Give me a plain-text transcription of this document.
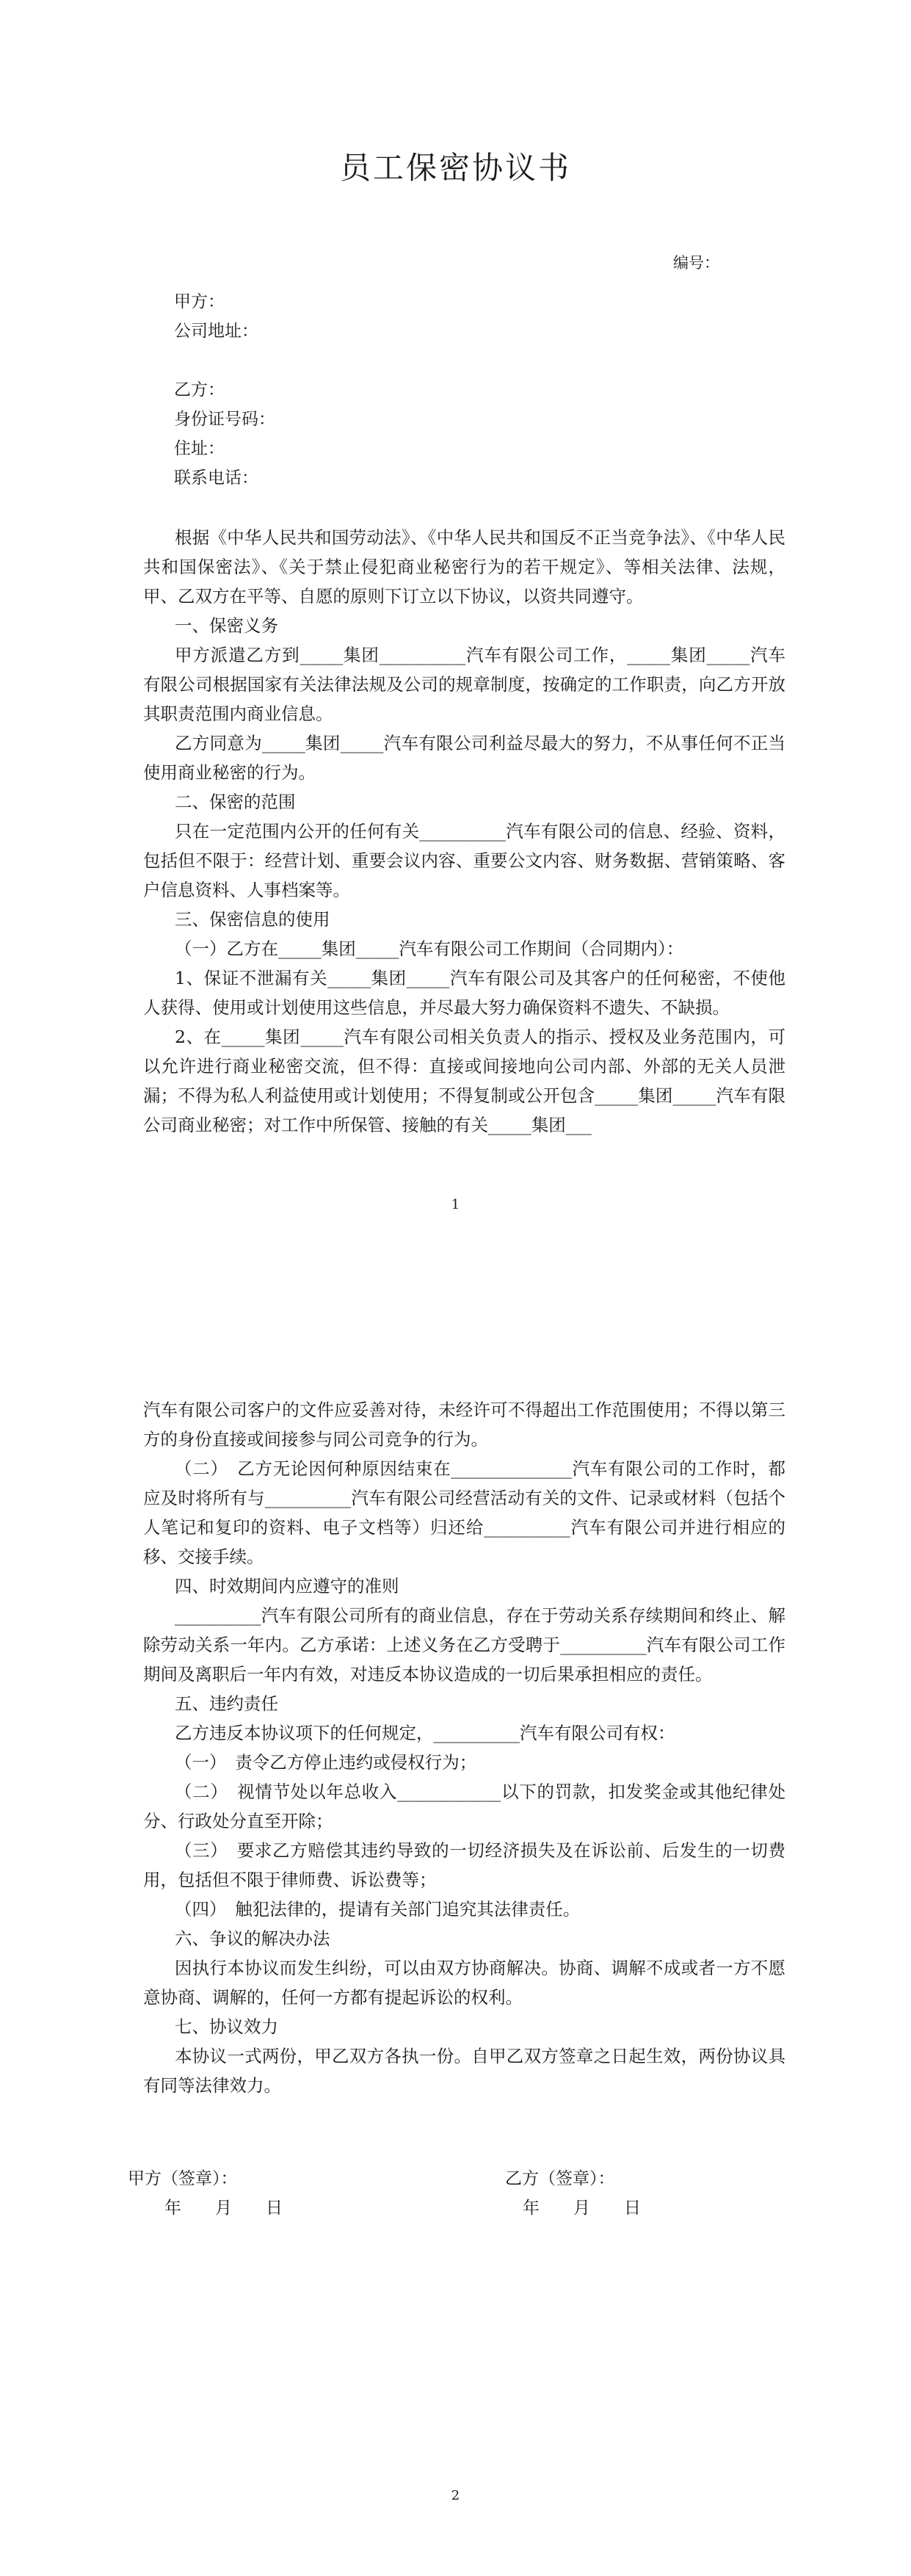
员工保密协议书
编号：
甲方：
公司地址：
乙方：
身份证号码：
住址：
联系电话：

根据《中华人民共和国劳动法》、《中华人民共和国反不正当竞争法》、《中华人民共和国保密法》、《关于禁止侵犯商业秘密行为的若干规定》、等相关法律、法规，甲、乙双方在平等、自愿的原则下订立以下协议，以资共同遵守。

一、保密义务

甲方派遣乙方到_____集团__________汽车有限公司工作，_____集团_____汽车有限公司根据国家有关法律法规及公司的规章制度，按确定的工作职责，向乙方开放其职责范围内商业信息。

乙方同意为_____集团_____汽车有限公司利益尽最大的努力，不从事任何不正当使用商业秘密的行为。

二、保密的范围

只在一定范围内公开的任何有关__________汽车有限公司的信息、经验、资料，包括但不限于：经营计划、重要会议内容、重要公文内容、财务数据、营销策略、客户信息资料、人事档案等。

三、保密信息的使用

（一）乙方在_____集团_____汽车有限公司工作期间（合同期内）：

1、保证不泄漏有关_____集团_____汽车有限公司及其客户的任何秘密，不使他人获得、使用或计划使用这些信息，并尽最大努力确保资料不遗失、不缺损。

2、在_____集团_____汽车有限公司相关负责人的指示、授权及业务范围内，可以允许进行商业秘密交流，但不得：直接或间接地向公司内部、外部的无关人员泄漏；不得为私人利益使用或计划使用；不得复制或公开包含_____集团_____汽车有限公司商业秘密；对工作中所保管、接触的有关_____集团___

1

汽车有限公司客户的文件应妥善对待，未经许可不得超出工作范围使用；不得以第三方的身份直接或间接参与同公司竞争的行为。

（二）　乙方无论因何种原因结束在______________汽车有限公司的工作时，都应及时将所有与__________汽车有限公司经营活动有关的文件、记录或材料（包括个人笔记和复印的资料、电子文档等）归还给__________汽车有限公司并进行相应的移、交接手续。

四、时效期间内应遵守的准则

__________汽车有限公司所有的商业信息，存在于劳动关系存续期间和终止、解除劳动关系一年内。乙方承诺：上述义务在乙方受聘于__________汽车有限公司工作期间及离职后一年内有效，对违反本协议造成的一切后果承担相应的责任。

五、违约责任

乙方违反本协议项下的任何规定，__________汽车有限公司有权：

（一）　责令乙方停止违约或侵权行为；

（二）　视情节处以年总收入____________以下的罚款，扣发奖金或其他纪律处分、行政处分直至开除；

（三）　要求乙方赔偿其违约导致的一切经济损失及在诉讼前、后发生的一切费用，包括但不限于律师费、诉讼费等；

（四）　触犯法律的，提请有关部门追究其法律责任。

六、争议的解决办法

因执行本协议而发生纠纷，可以由双方协商解决。协商、调解不成或者一方不愿意协商、调解的，任何一方都有提起诉讼的权利。

七、协议效力

本协议一式两份，甲乙双方各执一份。自甲乙双方签章之日起生效，两份协议具有同等法律效力。

甲方（签章）：
年　　月　　日
乙方（签章）：
年　　月　　日
2
